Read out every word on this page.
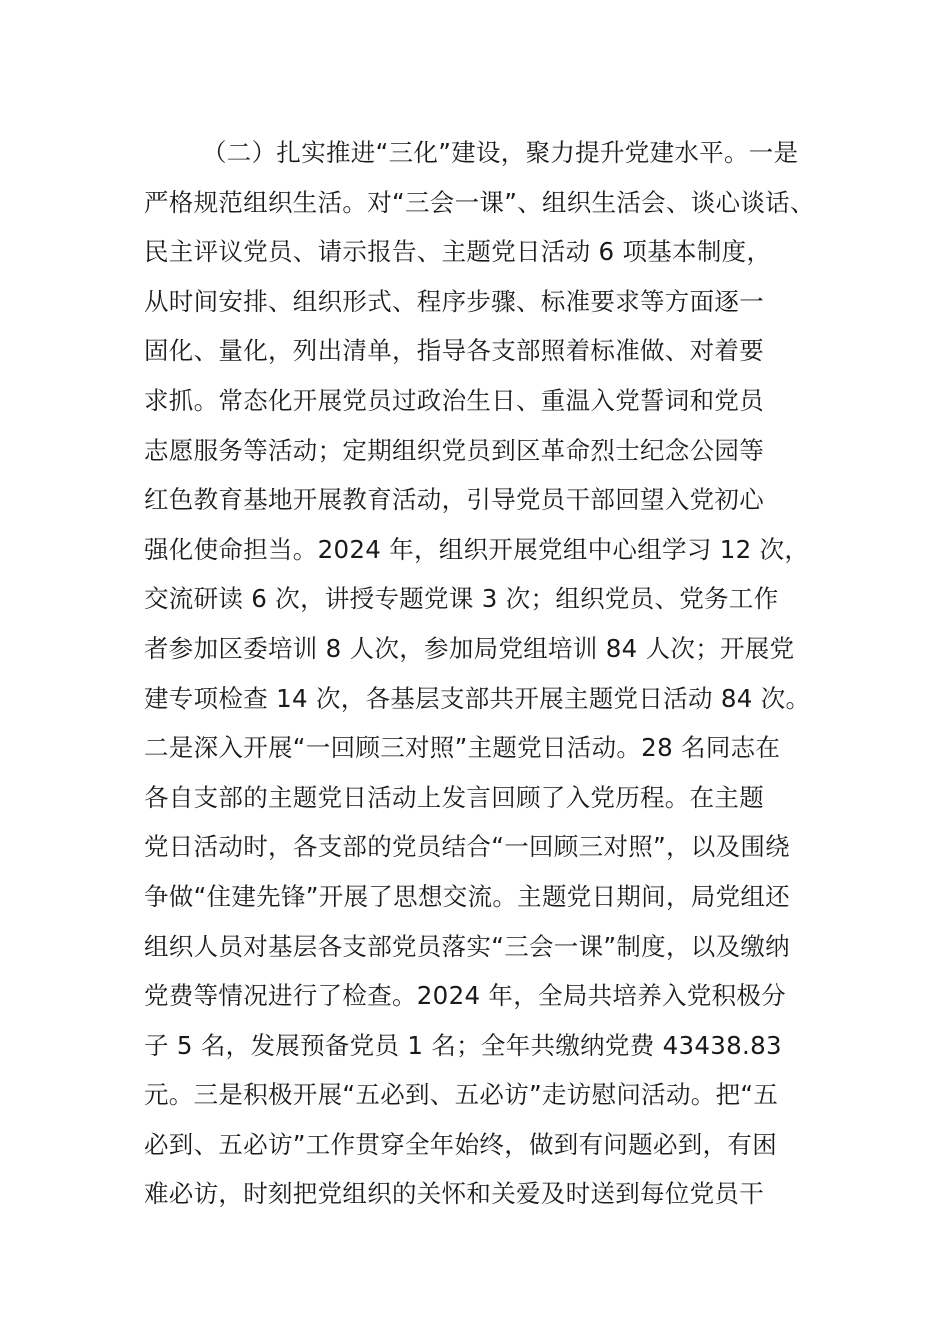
（二）扎实推进“三化”建设，聚力提升党建水平。一是
严格规范组织生活。对“三会一课”、组织生活会、谈心谈话、
民主评议党员、请示报告、主题党日活动 6 项基本制度，
从时间安排、组织形式、程序步骤、标准要求等方面逐一
固化、量化，列出清单，指导各支部照着标准做、对着要
求抓。常态化开展党员过政治生日、重温入党誓词和党员
志愿服务等活动；定期组织党员到区革命烈士纪念公园等
红色教育基地开展教育活动，引导党员干部回望入党初心
强化使命担当。2024 年，组织开展党组中心组学习 12 次，
交流研读 6 次，讲授专题党课 3 次；组织党员、党务工作
者参加区委培训 8 人次，参加局党组培训 84 人次；开展党
建专项检查 14 次，各基层支部共开展主题党日活动 84 次。
二是深入开展“一回顾三对照”主题党日活动。28 名同志在
各自支部的主题党日活动上发言回顾了入党历程。在主题
党日活动时，各支部的党员结合“一回顾三对照”，以及围绕
争做“住建先锋”开展了思想交流。主题党日期间，局党组还
组织人员对基层各支部党员落实“三会一课”制度，以及缴纳
党费等情况进行了检查。2024 年，全局共培养入党积极分
子 5 名，发展预备党员 1 名；全年共缴纳党费 43438.83
元。三是积极开展“五必到、五必访”走访慰问活动。把“五
必到、五必访”工作贯穿全年始终，做到有问题必到，有困
难必访，时刻把党组织的关怀和关爱及时送到每位党员干
